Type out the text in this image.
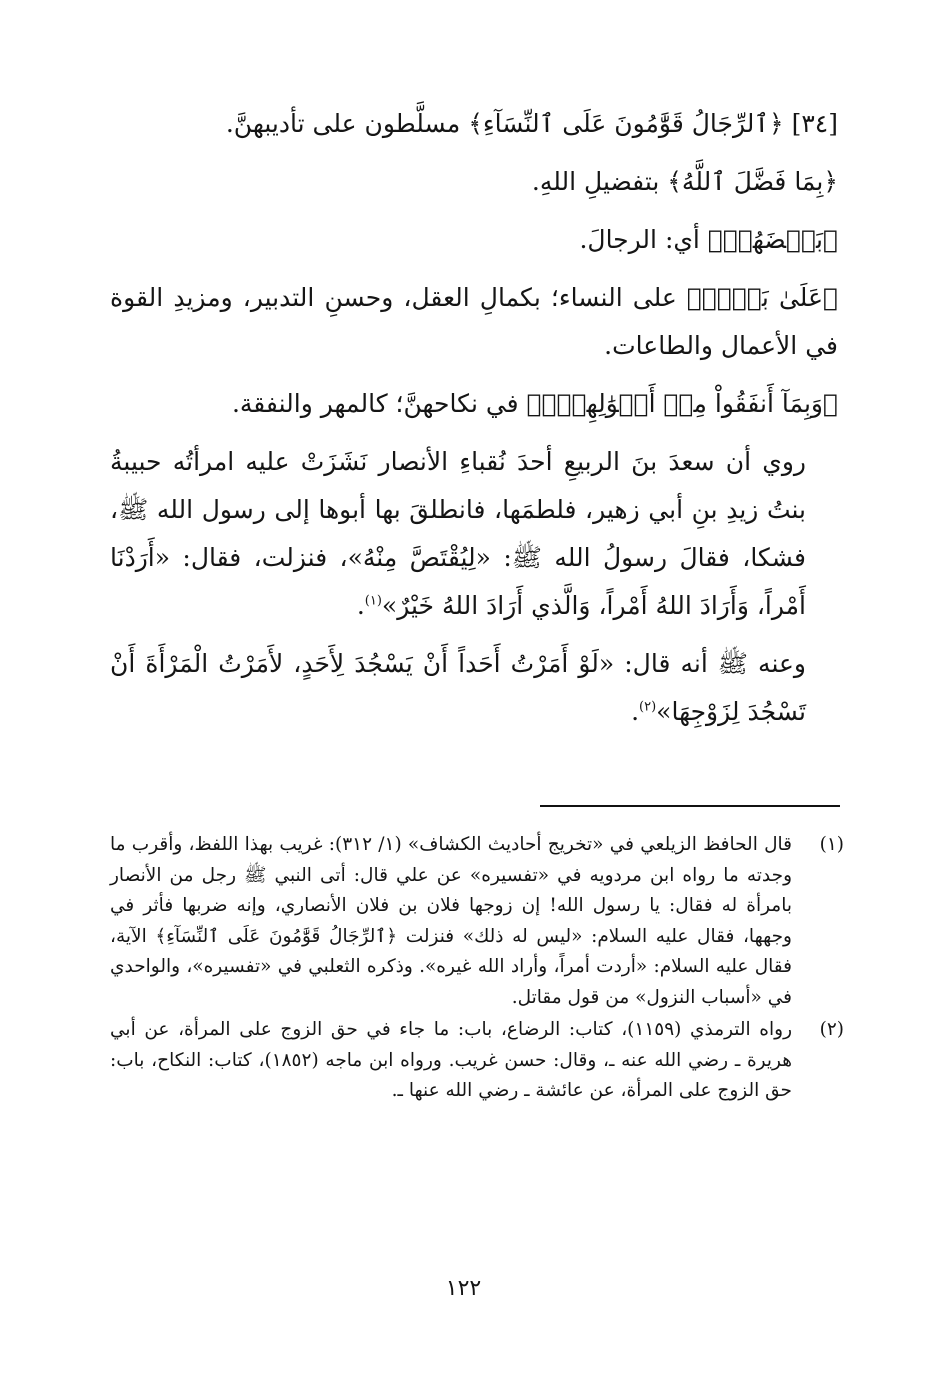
[٣٤] ﴿ٱلرِّجَالُ قَوَّٰمُونَ عَلَى ٱلنِّسَآءِ﴾ مسلَّطون على تأديبهنَّ.

﴿بِمَا فَضَّلَ ٱللَّهُ﴾ بتفضيلِ اللهِ.

﴿بَعۡضَهُمۡ﴾ أي: الرجالَ.

﴿عَلَىٰ بَعۡضٖ﴾ على النساء؛ بكمالِ العقل، وحسنِ التدبير، ومزيدِ القوة في الأعمال والطاعات.

﴿وَبِمَآ أَنفَقُواْ مِنۡ أَمۡوَٰلِهِمۡۚ﴾ في نكاحهنَّ؛ كالمهر والنفقة.

روي أن سعدَ بنَ الربيعِ أحدَ نُقباءِ الأنصار نَشَزَتْ عليه امرأتُه حبيبةُ بنتُ زيدِ بنِ أبي زهير، فلطمَها، فانطلقَ بها أبوها إلى رسول الله ﷺ، فشكا، فقالَ رسولُ الله ﷺ: «لِيُقْتَصَّ مِنْهُ»، فنزلت، فقال: «أَرَدْنَا أَمْراً، وَأَرَادَ اللهُ أَمْراً، وَالَّذي أَرَادَ اللهُ خَيْرٌ»$^{(١)}$.

وعنه ﷺ أنه قال: «لَوْ أَمَرْتُ أَحَداً أَنْ يَسْجُدَ لِأَحَدٍ، لأَمَرْتُ الْمَرْأَةَ أَنْ تَسْجُدَ لِزَوْجِهَا»$^{(٢)}$.

(١)
قال الحافظ الزيلعي في «تخريج أحاديث الكشاف» (١/ ٣١٢): غريب بهذا اللفظ، وأقرب ما وجدته ما رواه ابن مردويه في «تفسيره» عن علي قال: أتى النبي ﷺ رجل من الأنصار بامرأة له فقال: يا رسول الله! إن زوجها فلان بن فلان الأنصاري، وإنه ضربها فأثر في وجهها، فقال عليه السلام: «ليس له ذلك» فنزلت ﴿ٱلرِّجَالُ قَوَّٰمُونَ عَلَى ٱلنِّسَآءِ﴾ الآية، فقال عليه السلام: «أردت أمراً، وأراد الله غيره». وذكره الثعلبي في «تفسيره»، والواحدي في «أسباب النزول» من قول مقاتل.
(٢)
رواه الترمذي (١١٥٩)، كتاب: الرضاع، باب: ما جاء في حق الزوج على المرأة، عن أبي هريرة ـ رضي الله عنه ـ، وقال: حسن غريب. ورواه ابن ماجه (١٨٥٢)، كتاب: النكاح، باب: حق الزوج على المرأة، عن عائشة ـ رضي الله عنها ـ.
١٢٢
